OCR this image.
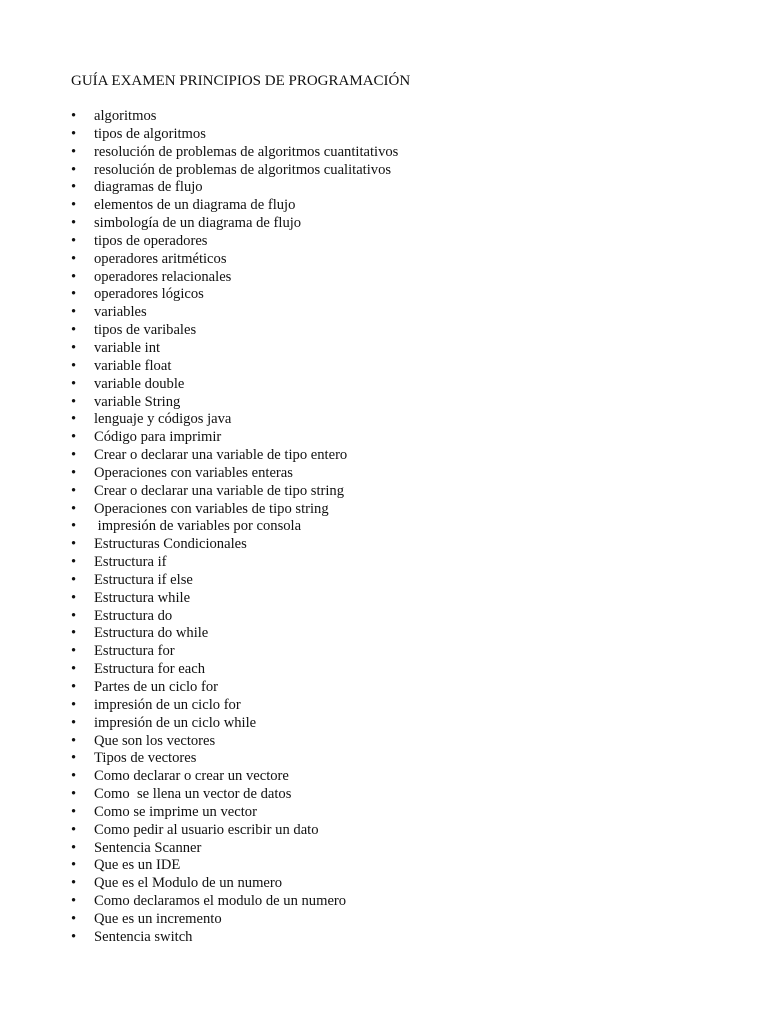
GUÍA EXAMEN PRINCIPIOS DE PROGRAMACIÓN
•	algoritmos
•	tipos de algoritmos
•	resolución de problemas de algoritmos cuantitativos
•	resolución de problemas de algoritmos cualitativos
•	diagramas de flujo
•	elementos de un diagrama de flujo
•	simbología de un diagrama de flujo
•	tipos de operadores
•	operadores aritméticos
•	operadores relacionales
•	operadores lógicos
•	variables
•	tipos de varibales
•	variable int
•	variable float
•	variable double
•	variable String
•	lenguaje y códigos java
•	Código para imprimir
•	Crear o declarar una variable de tipo entero
•	Operaciones con variables enteras
•	Crear o declarar una variable de tipo string
•	Operaciones con variables de tipo string
•	impresión de variables por consola
•	Estructuras Condicionales
•	Estructura if
•	Estructura if else
•	Estructura while
•	Estructura do
•	Estructura do while
•	Estructura for
•	Estructura for each
•	Partes de un ciclo for
•	impresión de un ciclo for
•	impresión de un ciclo while
•	Que son los vectores
•	Tipos de vectores
•	Como declarar o crear un vectore
•	Como  se llena un vector de datos
•	Como se imprime un vector
•	Como pedir al usuario escribir un dato
•	Sentencia Scanner
•	Que es un IDE
•	Que es el Modulo de un numero
•	Como declaramos el modulo de un numero
•	Que es un incremento
•	Sentencia switch
